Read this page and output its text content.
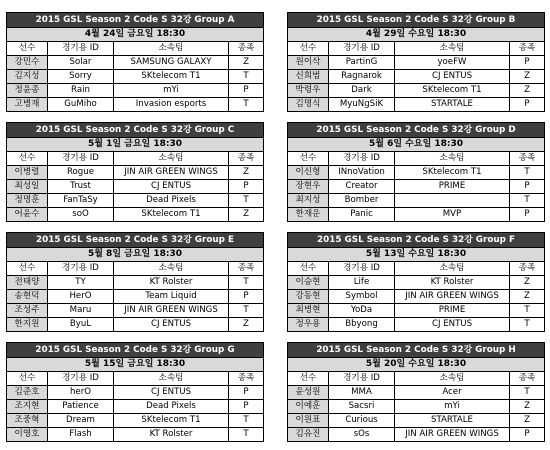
2015 GSL Season 2 Code S 32강 Group A			
4월 24일 금요일 18:30			
선수	경기용 ID	소속팀	종족
강민수	Solar	SAMSUNG GALAXY	Z
김지성	Sorry	SKtelecom T1	T
정윤종	Rain	mYi	P
고병재	GuMiho	Invasion esports	T
2015 GSL Season 2 Code S 32강 Group B			
4월 29일 수요일 18:30			
선수	경기용 ID	소속팀	종족
원이삭	PartinG	yoeFW	P
신희범	Ragnarok	CJ ENTUS	Z
박령우	Dark	SKtelecom T1	Z
김명식	MyuNgSiK	STARTALE	P
2015 GSL Season 2 Code S 32강 Group C			
5월 1일 금요일 18:30			
선수	경기용 ID	소속팀	종족
이병렬	Rogue	JIN AIR GREEN WINGS	Z
최성일	Trust	CJ ENTUS	P
정명훈	FanTaSy	Dead Pixels	T
어윤수	soO	SKtelecom T1	Z
2015 GSL Season 2 Code S 32강 Group D			
5월 6일 수요일 18:30			
선수	경기용 ID	소속팀	종족
이신형	INnoVation	SKtelecom T1	T
장현우	Creator	PRIME	P
최지성	Bomber		T
한재운	Panic	MVP	P
2015 GSL Season 2 Code S 32강 Group E			
5월 8일 금요일 18:30			
선수	경기용 ID	소속팀	종족
전태양	TY	KT Rolster	T
송현덕	HerO	Team Liquid	P
조성주	Maru	JIN AIR GREEN WINGS	T
한지원	ByuL	CJ ENTUS	Z
2015 GSL Season 2 Code S 32강 Group F			
5월 13일 수요일 18:30			
선수	경기용 ID	소속팀	종족
이승현	Life	KT Rolster	Z
강동현	Symbol	JIN AIR GREEN WINGS	Z
최병현	YoDa	PRIME	T
정우용	Bbyong	CJ ENTUS	T
2015 GSL Season 2 Code S 32강 Group G			
5월 15일 금요일 18:30			
선수	경기용 ID	소속팀	종족
김준호	herO	CJ ENTUS	P
조지현	Patience	Dead Pixels	P
조중혁	Dream	SKtelecom T1	T
이영호	Flash	KT Rolster	T
2015 GSL Season 2 Code S 32강 Group H			
5월 20일 수요일 18:30			
선수	경기용 ID	소속팀	종족
윤성원	MMA	Acer	T
이예훈	Sacsri	mYi	Z
이원표	Curious	STARTALE	Z
김유진	sOs	JIN AIR GREEN WINGS	P
